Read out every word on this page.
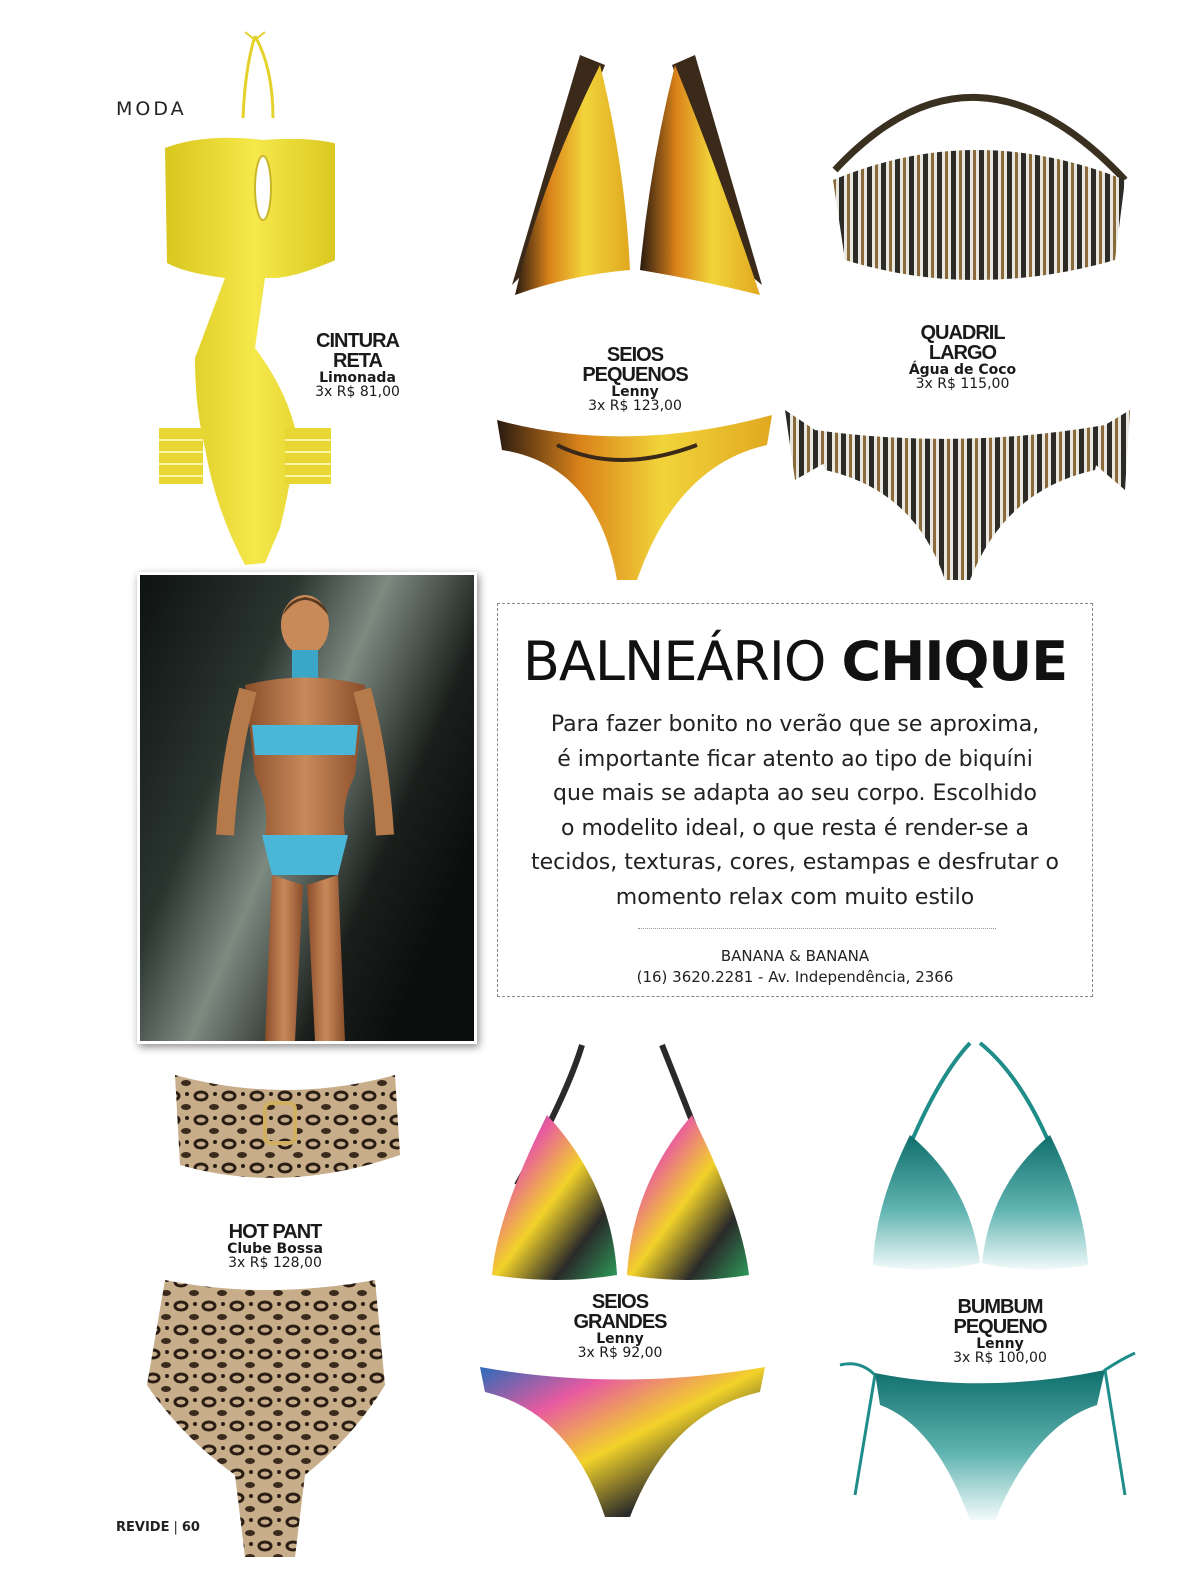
MODA
CINTURA
RETA
Limonada
3x R$ 81,00
SEIOS
PEQUENOS
Lenny
3x R$ 123,00
QUADRIL
LARGO
Água de Coco
3x R$ 115,00
HOT PANT
Clube Bossa
3x R$ 128,00
SEIOS
GRANDES
Lenny
3x R$ 92,00
BUMBUM
PEQUENO
Lenny
3x R$ 100,00
BALNEÁRIO CHIQUE
Para fazer bonito no verão que se aproxima,
é importante ficar atento ao tipo de biquíni
que mais se adapta ao seu corpo. Escolhido
o modelito ideal, o que resta é render-se a
tecidos, texturas, cores, estampas e desfrutar o
momento relax com muito estilo
BANANA & BANANA
(16) 3620.2281 - Av. Independência, 2366
REVIDE | 60
